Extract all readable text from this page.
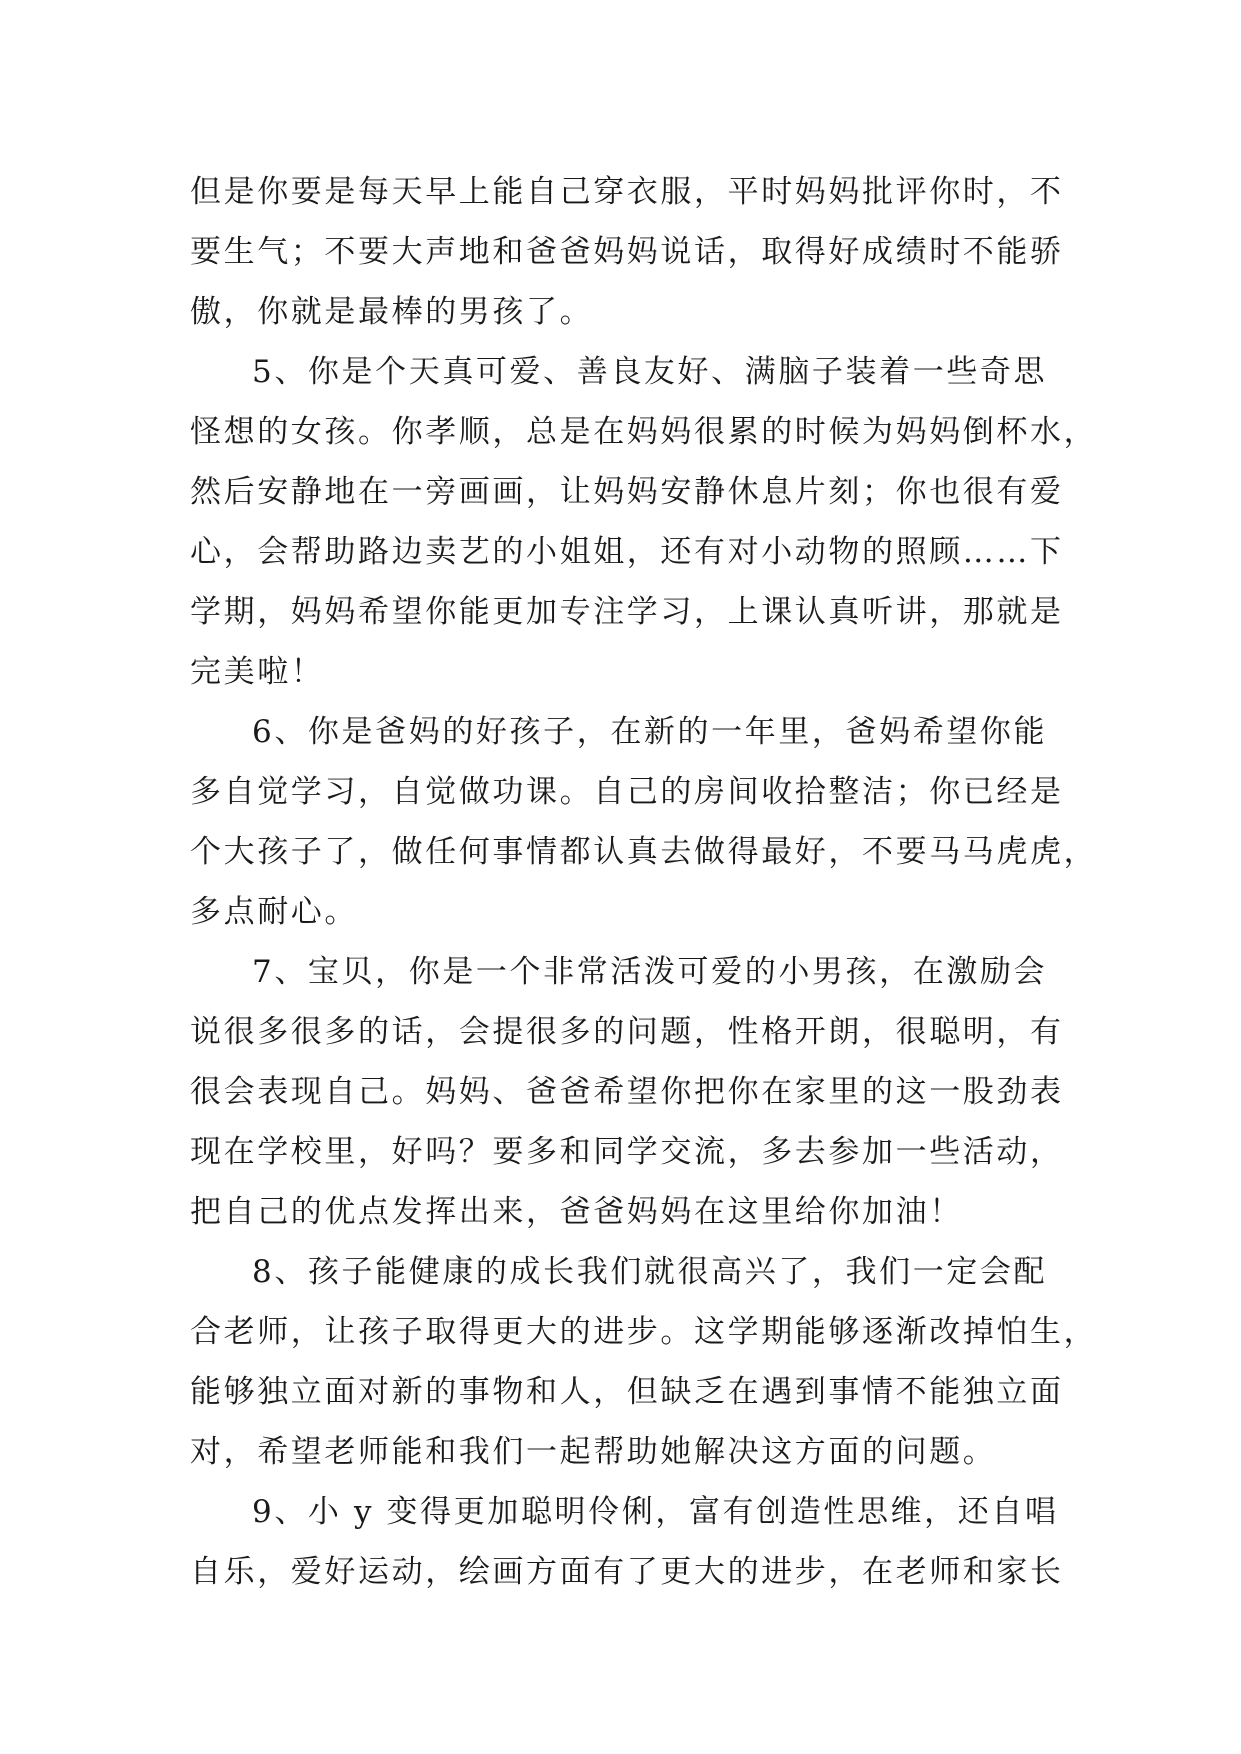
但是你要是每天早上能自己穿衣服，平时妈妈批评你时，不
要生气；不要大声地和爸爸妈妈说话，取得好成绩时不能骄
傲，你就是最棒的男孩了。
5、你是个天真可爱、善良友好、满脑子装着一些奇思
怪想的女孩。你孝顺，总是在妈妈很累的时候为妈妈倒杯水，
然后安静地在一旁画画，让妈妈安静休息片刻；你也很有爱
心，会帮助路边卖艺的小姐姐，还有对小动物的照顾……下
学期，妈妈希望你能更加专注学习，上课认真听讲，那就是
完美啦！
6、你是爸妈的好孩子，在新的一年里，爸妈希望你能
多自觉学习，自觉做功课。自己的房间收拾整洁；你已经是
个大孩子了，做任何事情都认真去做得最好，不要马马虎虎，
多点耐心。
7、宝贝，你是一个非常活泼可爱的小男孩，在激励会
说很多很多的话，会提很多的问题，性格开朗，很聪明，有
很会表现自己。妈妈、爸爸希望你把你在家里的这一股劲表
现在学校里，好吗？要多和同学交流，多去参加一些活动，
把自己的优点发挥出来，爸爸妈妈在这里给你加油！
8、孩子能健康的成长我们就很高兴了，我们一定会配
合老师，让孩子取得更大的进步。这学期能够逐渐改掉怕生，
能够独立面对新的事物和人，但缺乏在遇到事情不能独立面
对，希望老师能和我们一起帮助她解决这方面的问题。
9、小 y 变得更加聪明伶俐，富有创造性思维，还自唱
自乐，爱好运动，绘画方面有了更大的进步，在老师和家长
